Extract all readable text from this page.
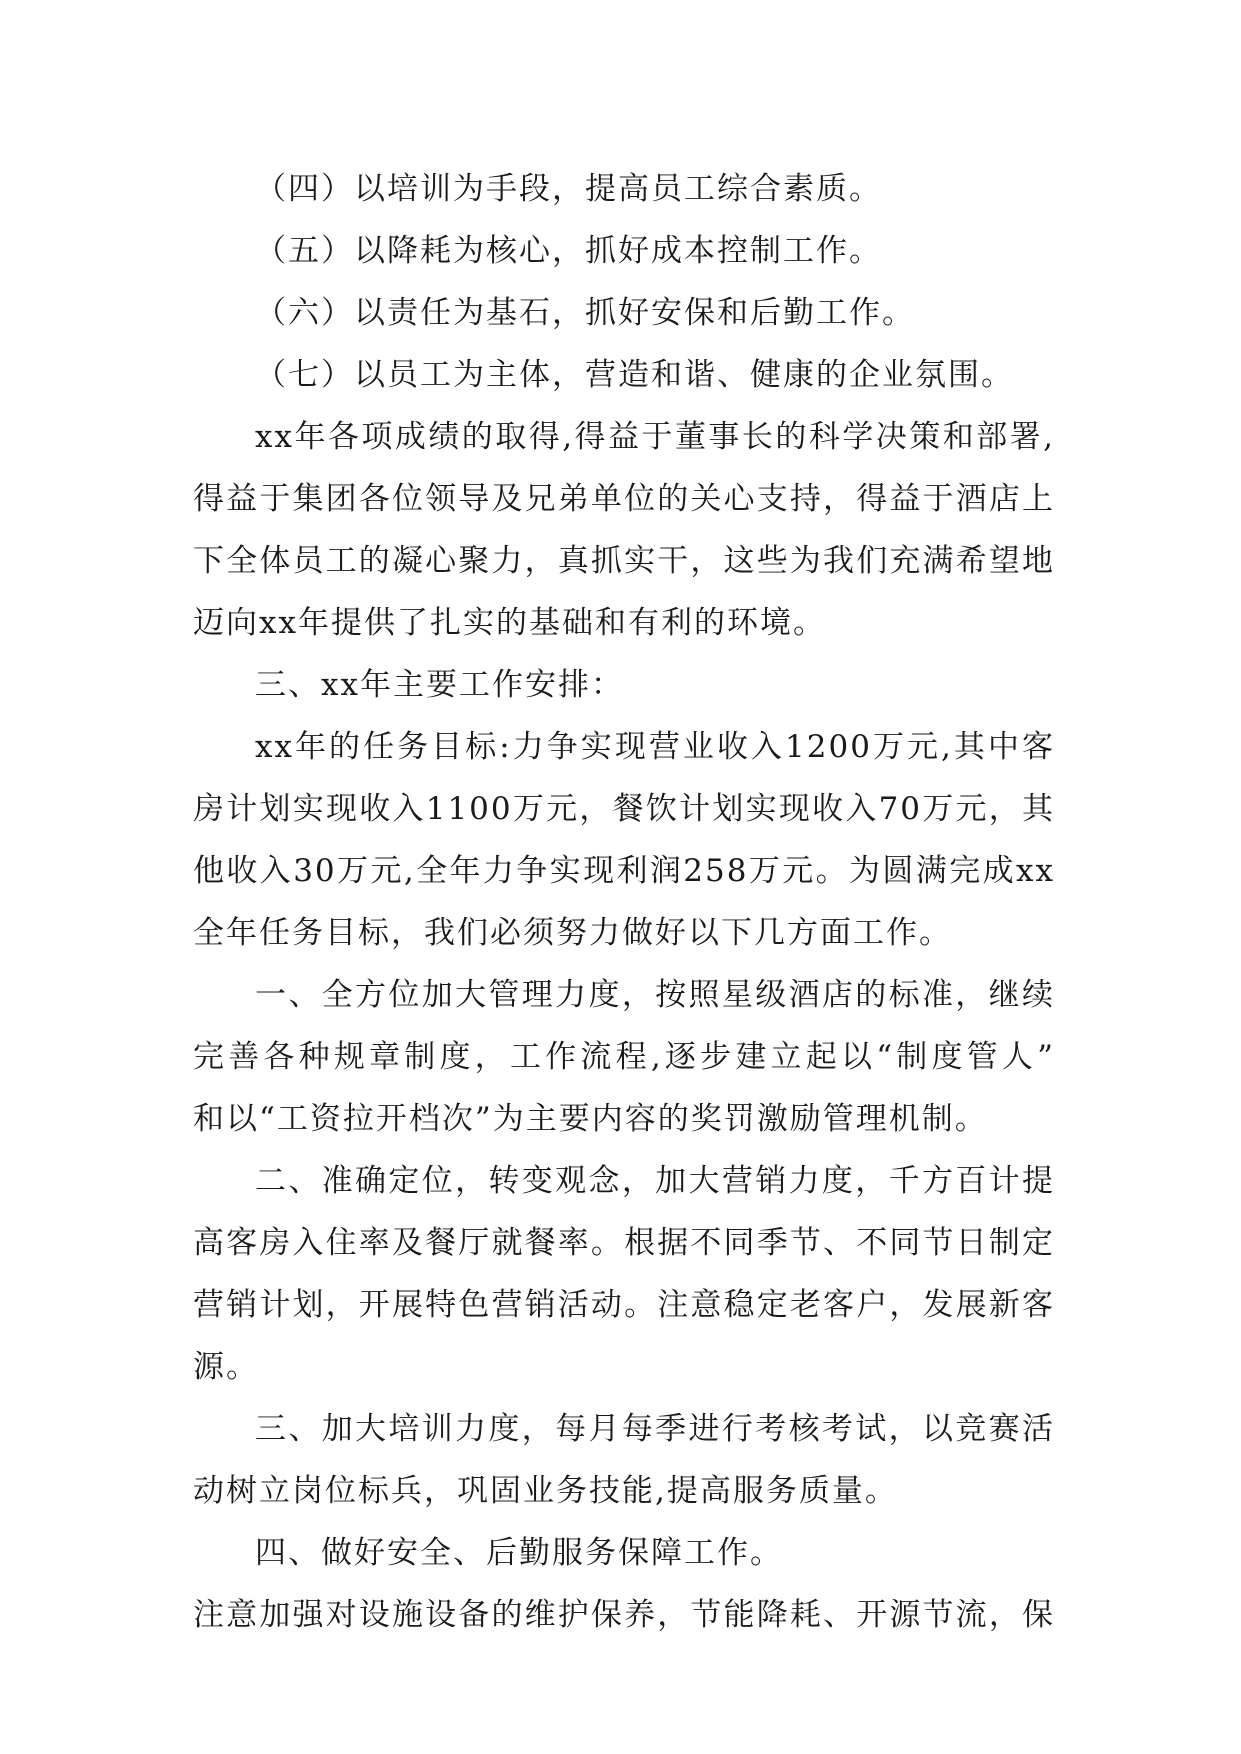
（四）以培训为手段，提高员工综合素质。
（五）以降耗为核心，抓好成本控制工作。
（六）以责任为基石，抓好安保和后勤工作。
（七）以员工为主体，营造和谐、健康的企业氛围。
xx年各项成绩的取得,得益于董事长的科学决策和部署,
得益于集团各位领导及兄弟单位的关心支持，得益于酒店上
下全体员工的凝心聚力，真抓实干，这些为我们充满希望地
迈向xx年提供了扎实的基础和有利的环境。
三、xx年主要工作安排：
xx年的任务目标:力争实现营业收入1200万元,其中客
房计划实现收入1100万元，餐饮计划实现收入70万元，其
他收入30万元,全年力争实现利润258万元。为圆满完成xx
全年任务目标，我们必须努力做好以下几方面工作。
一、全方位加大管理力度，按照星级酒店的标准，继续
完善各种规章制度，工作流程,逐步建立起以“制度管人”
和以“工资拉开档次”为主要内容的奖罚激励管理机制。
二、准确定位，转变观念，加大营销力度，千方百计提
高客房入住率及餐厅就餐率。根据不同季节、不同节日制定
营销计划，开展特色营销活动。注意稳定老客户，发展新客
源。
三、加大培训力度，每月每季进行考核考试，以竞赛活
动树立岗位标兵，巩固业务技能,提高服务质量。
四、做好安全、后勤服务保障工作。
注意加强对设施设备的维护保养，节能降耗、开源节流，保
